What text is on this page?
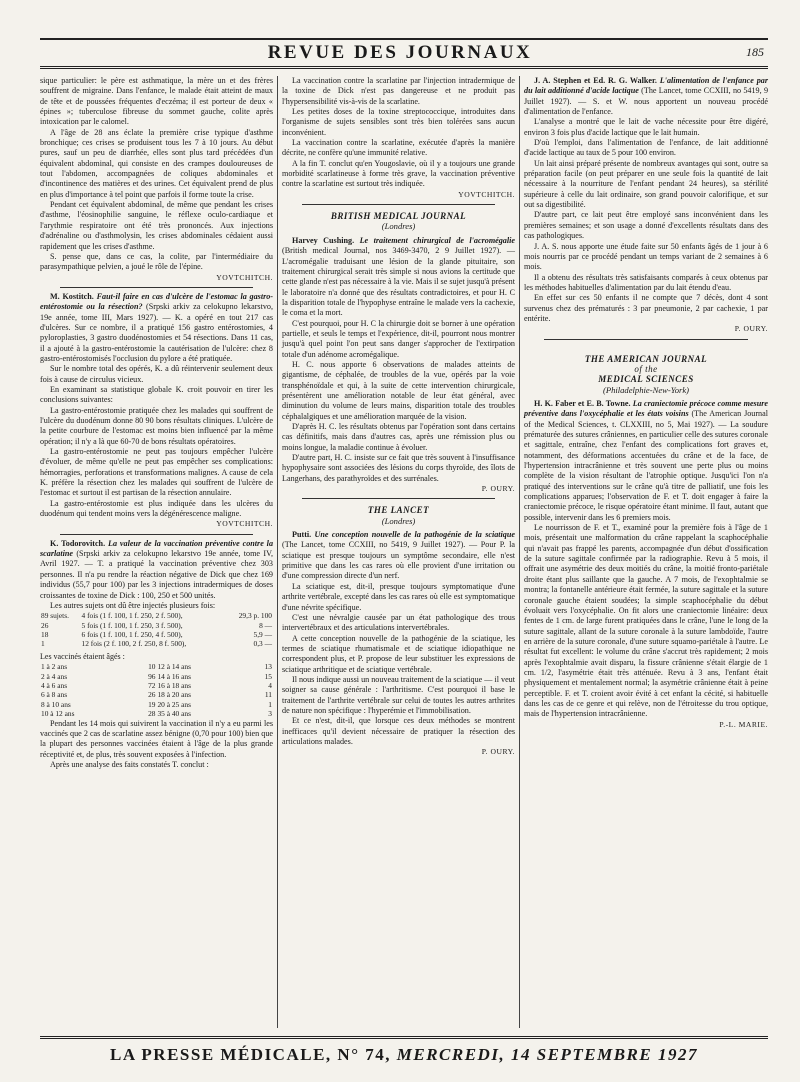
REVUE DES JOURNAUX	185

sique particulier: le père est asthmatique, la mère un et des frères souffrent de migraine. Dans l'enfance, le malade était atteint de maux de tête et de poussées fréquentes d'eczéma; il est porteur de deux « épines »; tuberculose fibreuse du sommet gauche, colite après intoxication par le calomel.

A l'âge de 28 ans éclate la première crise typique d'asthme bronchique; ces crises se produisent tous les 7 à 10 jours. Au début pures, sauf un peu de diarrhée, elles sont plus tard précédées d'un équivalent abdominal, qui consiste en des crampes douloureuses de tout l'abdomen, accompagnées de coliques abdominales et d'incontinence des matières et des urines. Cet équivalent prend de plus en plus d'importance à tel point que parfois il forme toute la crise.

Pendant cet équivalent abdominal, de même que pendant les crises d'asthme, l'éosinophilie sanguine, le réflexe oculo-cardiaque et l'arythmie respiratoire ont été très prononcés. Aux injections d'adrénaline ou d'asthmolysin, les crises abdominales cédaient aussi rapidement que les crises d'asthme.

S. pense que, dans ce cas, la colite, par l'intermédiaire du parasympathique pelvien, a joué le rôle de l'épine.

YOVTCHITCH.

M. Kostitch. Faut-il faire en cas d'ulcère de l'estomac la gastro-entérostomie ou la résection? (Srpski arkiv za celokupno lekarstvo, 19e année, tome III, Mars 1927). — K. a opéré en tout 217 cas d'ulcères. Sur ce nombre, il a pratiqué 156 gastro entérostomies, 4 pyloroplasties, 3 gastro duodénostomies et 54 résections. Dans 11 cas, il a ajouté à la gastro-entérostomie la cautérisation de l'ulcère: chez 8 gastro-entérostomisés l'occlusion du pylore a été pratiquée.

Sur le nombre total des opérés, K. a dû réintervenir seulement deux fois à cause de circulus vicieux.

En examinant sa statistique globale K. croit pouvoir en tirer les conclusions suivantes:

La gastro-entérostomie pratiquée chez les malades qui souffrent de l'ulcère du duodénum donne 80 90 bons résultats cliniques. L'ulcère de la petite courbure de l'estomac est moins bien influencé par la même opération; il n'y a là que 60-70 de bons résultats opératoires.

La gastro-entérostomie ne peut pas toujours empêcher l'ulcère d'évoluer, de même qu'elle ne peut pas empêcher ses complications: hémorragies, perforations et transformations malignes. A cause de cela K. préfère la résection chez les malades qui souffrent de l'ulcère de l'estomac et surtout il est partisan de la résection annulaire.

La gastro-entérostomie est plus indiquée dans les ulcères du duodénum qui tendent moins vers la dégénérescence maligne.

YOVTCHITCH.

K. Todorovitch. La valeur de la vaccination préventive contre la scarlatine (Srpski arkiv za celokupno lekarstvo 19e année, tome IV, Avril 1927. — T. a pratiqué la vaccination préventive chez 303 personnes. Il n'a pu rendre la réaction négative de Dick que chez 169 individus (55,7 pour 100) par les 3 injections intradermiques de doses croissantes de toxine de Dick : 100, 250 et 500 unités.

Les autres sujets ont dû être injectés plusieurs fois:

89 sujets.	4 fois (1 f. 100, 1 f. 250, 2 f. 500),	29,3 p. 100
26	5 fois (1 f. 100, 1 f. 250, 3 f. 500),	8 —
18	6 fois (1 f. 100, 1 f. 250, 4 f. 500),	5,9 —
1	12 fois (2 f. 100, 2 f. 250, 8 f. 500),	0,3 —
Les vaccinés étaient âgés :
1 à 2 ans	10	12 à 14 ans	13
2 à 4 ans	96	14 à 16 ans	15
4 à 6 ans	72	16 à 18 ans	4
6 à 8 ans	26	18 à 20 ans	11
8 à 10 ans	19	20 à 25 ans	1
10 à 12 ans	28	35 à 40 ans	3

Pendant les 14 mois qui suivirent la vaccination il n'y a eu parmi les vaccinés que 2 cas de scarlatine assez bénigne (0,70 pour 100) bien que la plupart des personnes vaccinées étaient à l'âge de la plus grande réceptivité et, de plus, très souvent exposées à l'infection.

Après une analyse des faits constatés T. conclut :

La vaccination contre la scarlatine par l'injection intradermique de la toxine de Dick n'est pas dangereuse et ne produit pas l'hypersensibilité vis-à-vis de la scarlatine.

Les petites doses de la toxine streptococcique, introduites dans l'organisme de sujets sensibles sont très bien tolérées sans aucun inconvénient.

La vaccination contre la scarlatine, exécutée d'après la manière décrite, ne confère qu'une immunité relative.

A la fin T. conclut qu'en Yougoslavie, où il y a toujours une grande morbidité scarlatineuse à forme très grave, la vaccination préventive contre la scarlatine est surtout très indiquée.

YOVTCHITCH.
BRITISH MEDICAL JOURNAL
(Londres)

Harvey Cushing. Le traitement chirurgical de l'acromégalie (British medical Journal, nos 3469-3470, 2 9 Juillet 1927). — L'acromégalie traduisant une lésion de la glande pituitaire, son traitement chirurgical serait très simple si nous avions la certitude que cette glande n'est pas nécessaire à la vie. Mais il se sujet jusqu'à présent le laboratoire n'a donné que des résultats contradictoires, et pour H. C la disparition totale de l'hypophyse entraîne le malade vers la cachexie, le coma et la mort.

C'est pourquoi, pour H. C la chirurgie doit se borner à une opération partielle, et seuls le temps et l'expérience, dit-il, pourront nous montrer jusqu'à quel point l'on peut sans danger s'approcher de l'extirpation totale d'un adénome acromégalique.

H. C. nous apporte 6 observations de malades atteints de gigantisme, de céphalée, de troubles de la vue, opérés par la voie transphénoïdale et qui, à la suite de cette intervention chirurgicale, présentèrent une amélioration notable de leur état général, avec diminution du volume de leurs mains, disparition totale des troubles céphalalgiques et une amélioration marquée de la vision.

D'après H. C. les résultats obtenus par l'opération sont dans certains cas définitifs, mais dans d'autres cas, après une rémission plus ou moins longue, la maladie continue à évoluer.

D'autre part, H. C. insiste sur ce fait que très souvent à l'insuffisance hypophysaire sont associées des lésions du corps thyroïde, des îlots de Langerhans, des parathyroïdes et des surrénales.

P. OURY.
THE LANCET
(Londres)

Putti. Une conception nouvelle de la pathogénie de la sciatique (The Lancet, tome CCXIII, no 5419, 9 Juillet 1927). — Pour P. la sciatique est presque toujours un symptôme secondaire, elle n'est primitive que dans les cas rares où elle provient d'une irritation ou d'une compression directe d'un nerf.

La sciatique est, dit-il, presque toujours symptomatique d'une arthrite vertébrale, excepté dans les cas rares où elle est symptomatique d'une névrite spécifique.

C'est une névralgie causée par un état pathologique des trous intervertébraux et des articulations intervertébrales.

A cette conception nouvelle de la pathogénie de la sciatique, les termes de sciatique rhumatismale et de sciatique idiopathique ne correspondent plus, et P. propose de leur substituer les expressions de sciatique arthritique et de sciatique vertébrale.

Il nous indique aussi un nouveau traitement de la sciatique — il veut soigner sa cause générale : l'arthritisme. C'est pourquoi il base le traitement de l'arthrite vertébrale sur celui de toutes les autres arthrites de nature non spécifique : l'hyperémie et l'immobilisation.

Et ce n'est, dit-il, que lorsque ces deux méthodes se montrent inefficaces qu'il devient nécessaire de pratiquer la résection des articulations malades.

P. OURY.

J. A. Stephen et Ed. R. G. Walker. L'alimentation de l'enfance par du lait additionné d'acide lactique (The Lancet, tome CCXIII, no 5419, 9 Juillet 1927). — S. et W. nous apportent un nouveau procédé d'alimentation de l'enfance.

L'analyse a montré que le lait de vache nécessite pour être digéré, environ 3 fois plus d'acide lactique que le lait humain.

D'où l'emploi, dans l'alimentation de l'enfance, de lait additionné d'acide lactique au taux de 5 pour 100 environ.

Un lait ainsi préparé présente de nombreux avantages qui sont, outre sa préparation facile (on peut préparer en une seule fois la quantité de lait nécessaire à la nourriture de l'enfant pendant 24 heures), sa stérilité supérieure à celle du lait ordinaire, son grand pouvoir calorifique, et sur out sa digestibilité.

D'autre part, ce lait peut être employé sans inconvénient dans les premières semaines; et son usage a donné d'excellents résultats dans des cas pathologiques.

J. A. S. nous apporte une étude faite sur 50 enfants âgés de 1 jour à 6 mois nourris par ce procédé pendant un temps variant de 2 semaines à 6 mois.

Il a obtenu des résultats très satisfaisants comparés à ceux obtenus par les méthodes habituelles d'alimentation par du lait étendu d'eau.

En effet sur ces 50 enfants il ne compte que 7 décès, dont 4 sont survenus chez des prématurés : 3 par pneumonie, 2 par cachexie, 1 par entérite.

P. OURY.
THE AMERICAN JOURNAL
of the
MEDICAL SCIENCES
(Philadelphie-New-York)

H. K. Faber et E. B. Towne. La craniectomie précoce comme mesure préventive dans l'oxycéphalie et les états voisins (The American Journal of the Medical Sciences, t. CLXXIII, no 5, Mai 1927). — La soudure prématurée des sutures crâniennes, en particulier celle des sutures coronale et sagittale, entraîne, chez l'enfant des complications fort graves et, notamment, des déformations accentuées du crâne et de la face, de l'hypertension intracrânienne et très souvent une perte plus ou moins complète de la vision résultant de l'atrophie optique. Jusqu'ici l'on n'a pratiqué des interventions sur le crâne qu'à titre de palliatif, une fois les complications apparues; l'observation de F. et T. doit engager à faire la craniectomie précoce, le risque opératoire étant minime. Il faut, autant que possible, intervenir dans les 6 premiers mois.

Le nourrisson de F. et T., examiné pour la première fois à l'âge de 1 mois, présentait une malformation du crâne rappelant la scaphocéphalie qui n'avait pas frappé les parents, accompagnée d'un début d'ossification de la suture sagittale confirmée par la radiographie. Revu à 5 mois, il offrait une asymétrie des deux moitiés du crâne, la moitié fronto-pariétale droite étant plus saillante que la gauche. A 7 mois, de l'exophtalmie se montra; la fontanelle antérieure était fermée, la suture sagittale et la suture coronale gauche étaient soudées; la simple scaphocéphalie du début évoluait vers l'oxycéphalie. On fit alors une craniectomie linéaire: deux fentes de 1 cm. de large furent pratiquées dans le crâne, l'une le long de la suture sagittale, allant de la suture coronale à la suture lambdoïde, l'autre en arrière de la suture coronale, d'une suture squamo-pariétale à l'autre. Le résultat fut excellent: le volume du crâne s'accrut très rapidement; 2 mois après l'exophtalmie avait disparu, la fissure crânienne s'était élargie de 1 cm. 1/2, l'asymétrie était très atténuée. Revu à 3 ans, l'enfant était physiquement et mentalement normal; la asymétrie crânienne était à peine perceptible. F. et T. croient avoir évité à cet enfant la cécité, si habituelle dans les cas de ce genre et qui relève, non de l'étroitesse du trou optique, mais de l'hypertension intracrânienne.

P.-L. MARIE.
LA PRESSE MÉDICALE, N° 74, MERCREDI, 14 SEPTEMBRE 1927
